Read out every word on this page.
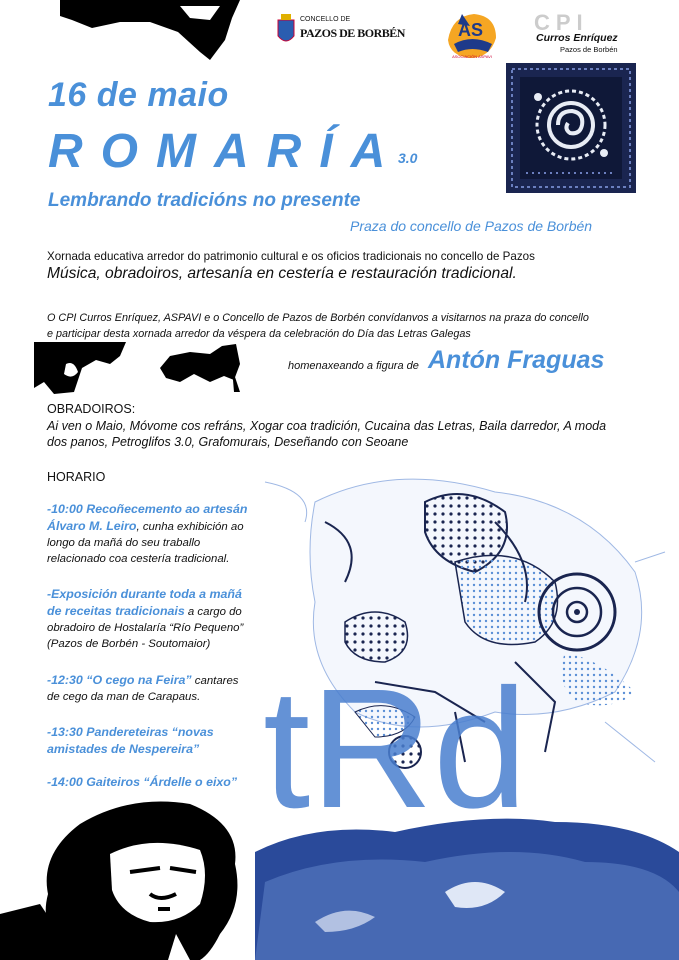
CONCELLO DE
PAZOS DE BORBÉN	AS
ASOCIACIÓN ASPAVI
CPI
Curros Enríquez
Pazos de Borbén
16 de maio
ROMARÍA
3.0
Lembrando tradicións no presente
Praza do concello de Pazos de Borbén
Xornada educativa arredor do patrimonio cultural e os oficios tradicionais no concello de Pazos
Música, obradoiros, artesanía en cestería e restauración tradicional.
O CPI Curros Enríquez, ASPAVI e o Concello de Pazos de Borbén convídanvos a visitarnos na praza do concello
e participar desta xornada arredor da véspera da celebración do Día das Letras Galegas
homenaxeando a figura de Antón Fraguas
tRd
OBRADOIROS:
Ai ven o Maio, Móvome cos refráns, Xogar coa tradición, Cucaina das Letras, Baila darredor, A moda
dos panos, Petroglifos 3.0, Grafomurais, Deseñando con Seoane
HORARIO
-10:00 Recoñecemento ao artesán
Álvaro M. Leiro, cunha exhibición ao
longo da mañá do seu traballo
relacionado coa cestería tradicional.
-Exposición durante toda a mañá
de receitas tradicionais a cargo do
obradoiro de Hostalaría “Río Pequeno”
(Pazos de Borbén - Soutomaior)
-12:30 “O cego na Feira” cantares
de cego da man de Carapaus.
-13:30 Pandereteiras “novas
amistades de Nespereira”
-14:00 Gaiteiros “Árdelle o eixo”
